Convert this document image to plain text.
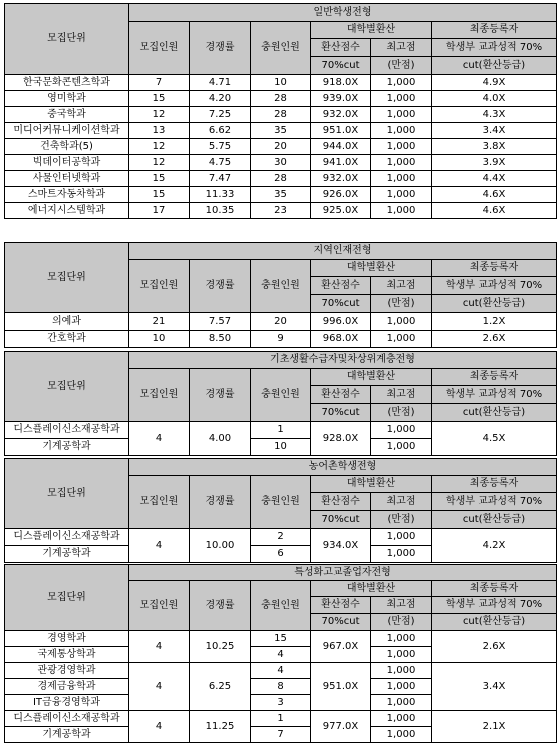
모집단위	일반학생전형					
	모집인원	경쟁률	충원인원	대학별환산		최종등록자
				환산점수	최고점	학생부 교과성적 70%
				70%cut	(만점)	cut(환산등급)
한국문화콘텐츠학과	7	4.71	10	918.0X	1,000	4.9X
영미학과	15	4.20	28	939.0X	1,000	4.0X
중국학과	12	7.25	28	932.0X	1,000	4.3X
미디어커뮤니케이션학과	13	6.62	35	951.0X	1,000	3.4X
건축학과(5)	12	5.75	20	944.0X	1,000	3.8X
빅데이터공학과	12	4.75	30	941.0X	1,000	3.9X
사물인터넷학과	15	7.47	28	932.0X	1,000	4.4X
스마트자동차학과	15	11.33	35	926.0X	1,000	4.6X
에너지시스템학과	17	10.35	23	925.0X	1,000	4.6X
모집단위	지역인재전형					
	모집인원	경쟁률	충원인원	대학별환산		최종등록자
				환산점수	최고점	학생부 교과성적 70%
				70%cut	(만점)	cut(환산등급)
의예과	21	7.57	20	996.0X	1,000	1.2X
간호학과	10	8.50	9	968.0X	1,000	2.6X
모집단위	기초생활수급자및차상위계층전형					
	모집인원	경쟁률	충원인원	대학별환산		최종등록자
				환산점수	최고점	학생부 교과성적 70%
				70%cut	(만점)	cut(환산등급)
디스플레이신소재공학과	4	4.00	1	928.0X	1,000	4.5X
기계공학과			10		1,000	
모집단위	농어촌학생전형					
	모집인원	경쟁률	충원인원	대학별환산		최종등록자
				환산점수	최고점	학생부 교과성적 70%
				70%cut	(만점)	cut(환산등급)
디스플레이신소재공학과	4	10.00	2	934.0X	1,000	4.2X
기계공학과			6		1,000	
모집단위	특성화고교졸업자전형					
	모집인원	경쟁률	충원인원	대학별환산		최종등록자
				환산점수	최고점	학생부 교과성적 70%
				70%cut	(만점)	cut(환산등급)
경영학과	4	10.25	15	967.0X	1,000	2.6X
국제통상학과			4		1,000	
관광경영학과	4	6.25	4	951.0X	1,000	3.4X
경제금융학과			8		1,000	
IT금융경영학과			3		1,000	
디스플레이신소재공학과	4	11.25	1	977.0X	1,000	2.1X
기계공학과			7		1,000	
